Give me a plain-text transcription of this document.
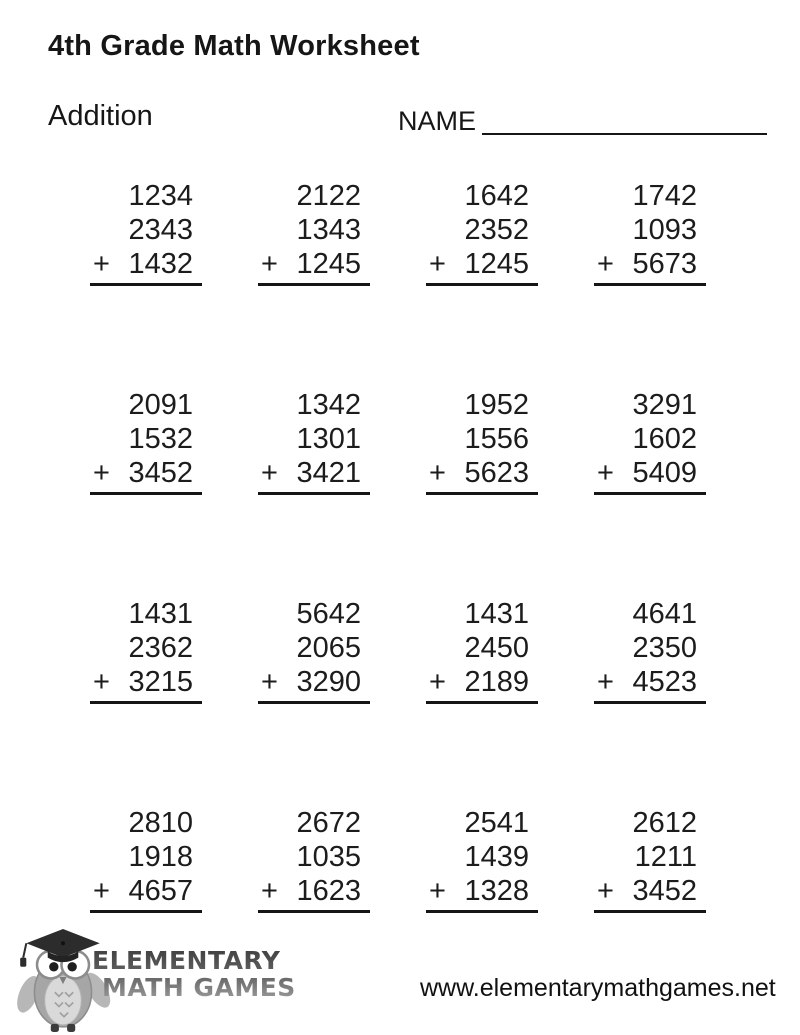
4th Grade Math Worksheet
Addition	NAME
1234
2343
+ 1432
2122
1343
+ 1245
1642
2352
+ 1245
1742
1093
+ 5673
2091
1532
+ 3452
1342
1301
+ 3421
1952
1556
+ 5623
3291
1602
+ 5409
1431
2362
+ 3215
5642
2065
+ 3290
1431
2450
+ 2189
4641
2350
+ 4523
2810
1918
+ 4657
2672
1035
+ 1623
2541
1439
+ 1328
2612
1211
+ 3452
ELEMENTARY
MATH GAMES	www.elementarymathgames.net
